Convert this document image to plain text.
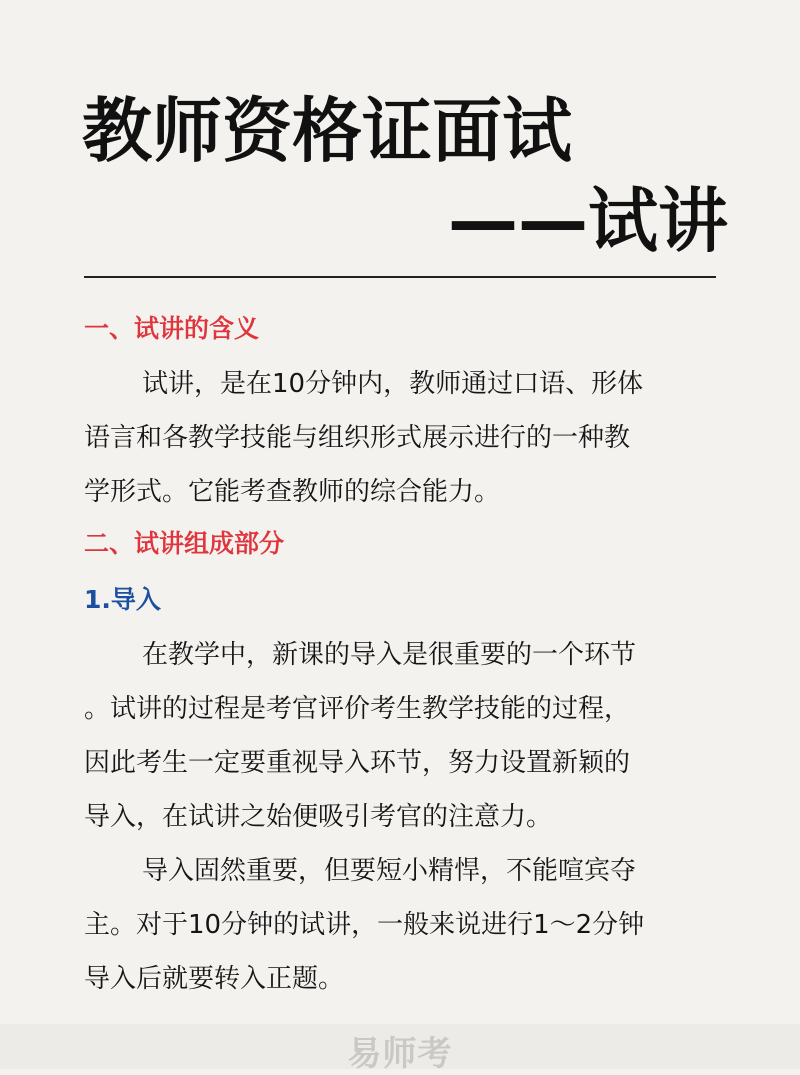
教师资格证面试
——试讲
一、试讲的含义
试讲，是在10分钟内，教师通过口语、形体
语言和各教学技能与组织形式展示进行的一种教
学形式。它能考查教师的综合能力。
二、试讲组成部分
1.导入
在教学中，新课的导入是很重要的一个环节
。试讲的过程是考官评价考生教学技能的过程，
因此考生一定要重视导入环节，努力设置新颖的
导入，在试讲之始便吸引考官的注意力。
导入固然重要，但要短小精悍，不能喧宾夺
主。对于10分钟的试讲，一般来说进行1～2分钟
导入后就要转入正题。
易师考
